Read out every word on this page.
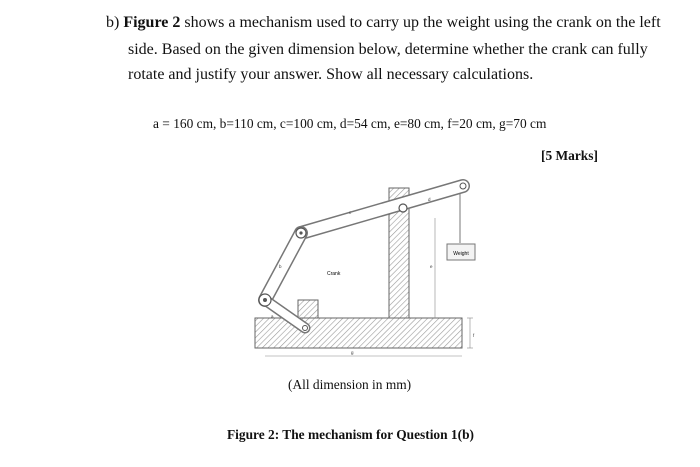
b) Figure 2 shows a mechanism used to carry up the weight using the crank on the left
side. Based on the given dimension below, determine whether the crank can fully
rotate and justify your answer. Show all necessary calculations.
a = 160 cm, b=110 cm, c=100 cm, d=54 cm, e=80 cm, f=20 cm, g=70 cm
[5 Marks]
Weight
Crank
c
d
b	e
f
g
a
(All dimension in mm)
Figure 2: The mechanism for Question 1(b)
